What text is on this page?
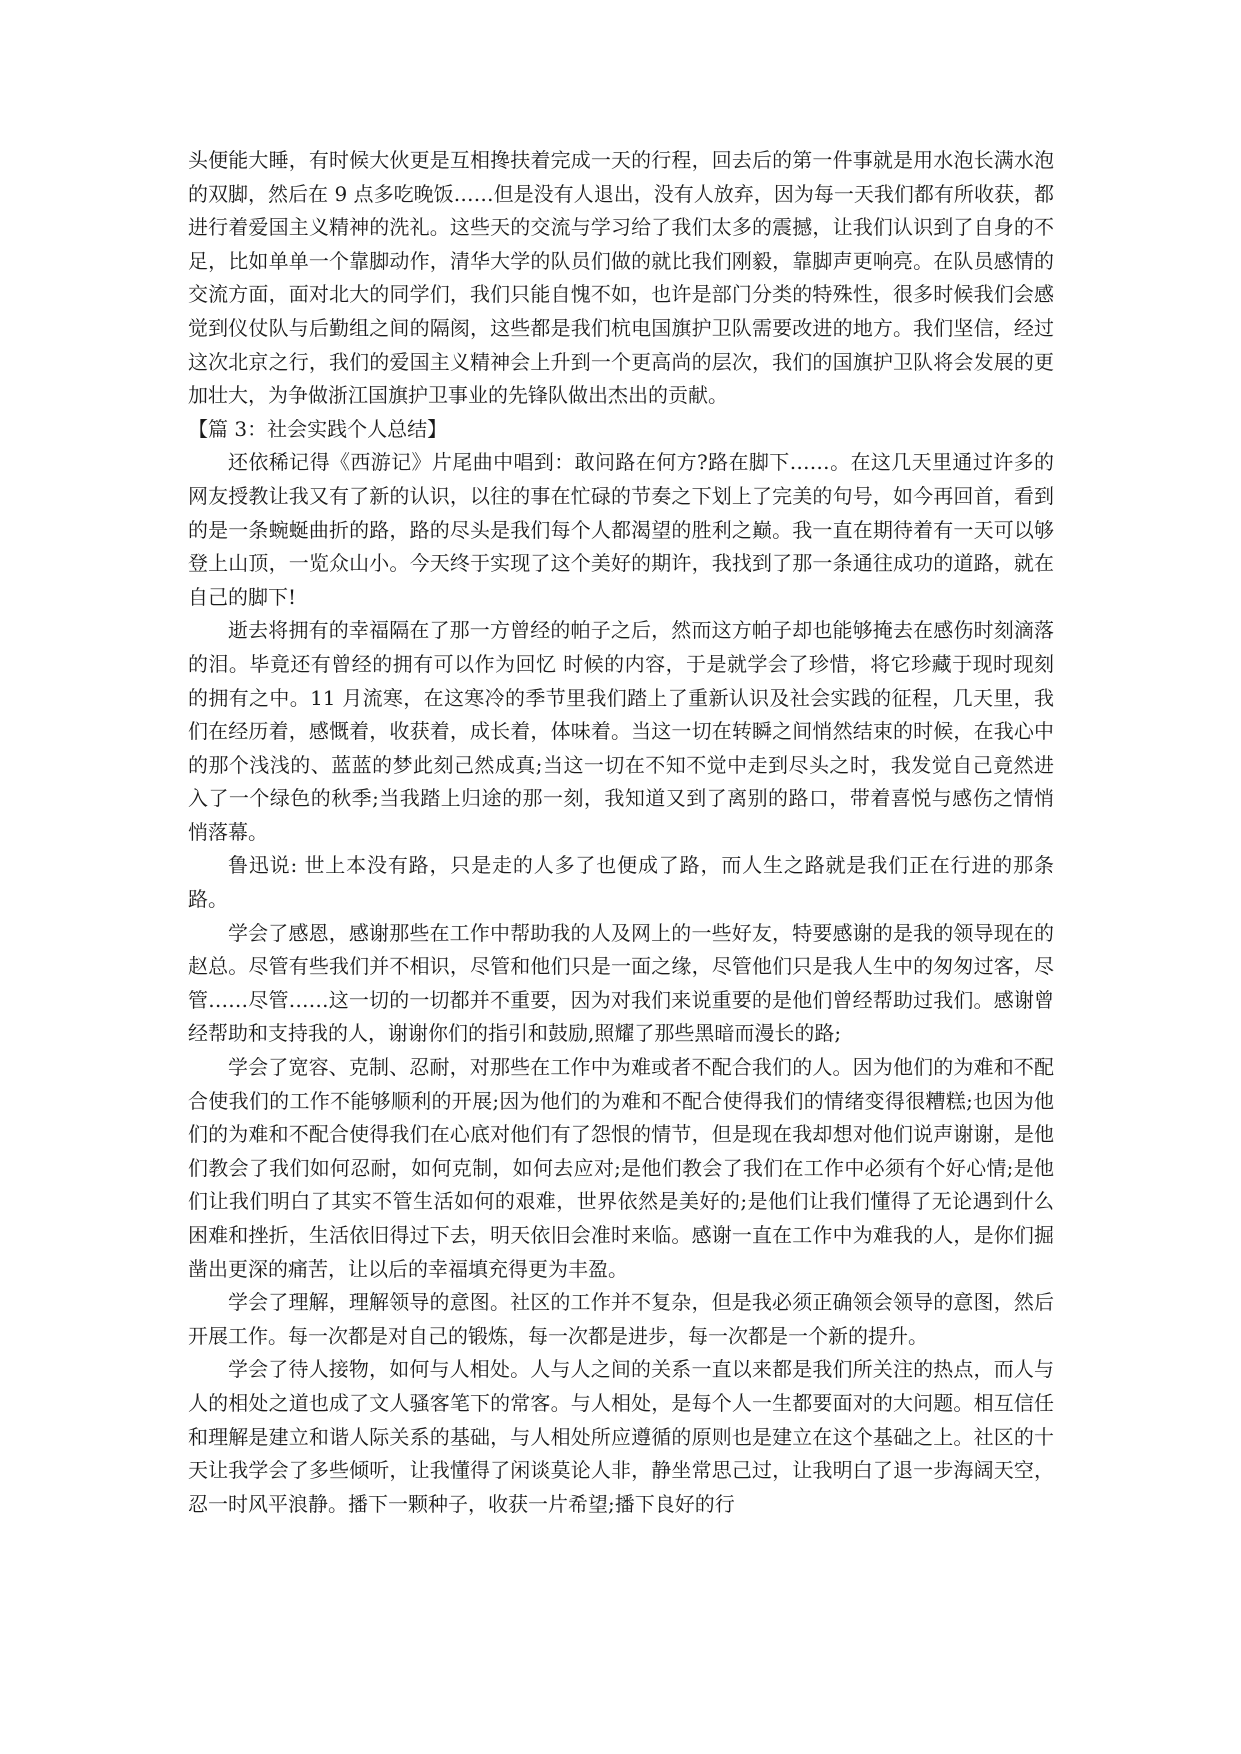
头便能大睡，有时候大伙更是互相搀扶着完成一天的行程，回去后的第一件事就是用水泡长满水泡的双脚，然后在 9 点多吃晚饭……但是没有人退出，没有人放弃，因为每一天我们都有所收获，都进行着爱国主义精神的洗礼。这些天的交流与学习给了我们太多的震撼，让我们认识到了自身的不足，比如单单一个靠脚动作，清华大学的队员们做的就比我们刚毅，靠脚声更响亮。在队员感情的交流方面，面对北大的同学们，我们只能自愧不如，也许是部门分类的特殊性，很多时候我们会感觉到仪仗队与后勤组之间的隔阂，这些都是我们杭电国旗护卫队需要改进的地方。我们坚信，经过这次北京之行，我们的爱国主义精神会上升到一个更高尚的层次，我们的国旗护卫队将会发展的更加壮大，为争做浙江国旗护卫事业的先锋队做出杰出的贡献。

【篇 3：社会实践个人总结】

还依稀记得《西游记》片尾曲中唱到：敢问路在何方?路在脚下……。在这几天里通过许多的网友授教让我又有了新的认识，以往的事在忙碌的节奏之下划上了完美的句号，如今再回首，看到的是一条蜿蜒曲折的路，路的尽头是我们每个人都渴望的胜利之巅。我一直在期待着有一天可以够登上山顶，一览众山小。今天终于实现了这个美好的期许，我找到了那一条通往成功的道路，就在自己的脚下!

逝去将拥有的幸福隔在了那一方曾经的帕子之后，然而这方帕子却也能够掩去在感伤时刻滴落的泪。毕竟还有曾经的拥有可以作为回忆 时候的内容，于是就学会了珍惜，将它珍藏于现时现刻的拥有之中。11 月流寒，在这寒冷的季节里我们踏上了重新认识及社会实践的征程，几天里，我们在经历着，感慨着，收获着，成长着，体味着。当这一切在转瞬之间悄然结束的时候，在我心中的那个浅浅的、蓝蓝的梦此刻己然成真;当这一切在不知不觉中走到尽头之时，我发觉自己竟然进入了一个绿色的秋季;当我踏上归途的那一刻，我知道又到了离别的路口，带着喜悦与感伤之情悄悄落幕。

鲁迅说: 世上本没有路，只是走的人多了也便成了路，而人生之路就是我们正在行进的那条路。

学会了感恩，感谢那些在工作中帮助我的人及网上的一些好友，特要感谢的是我的领导现在的赵总。尽管有些我们并不相识，尽管和他们只是一面之缘，尽管他们只是我人生中的匆匆过客，尽管……尽管……这一切的一切都并不重要，因为对我们来说重要的是他们曾经帮助过我们。感谢曾经帮助和支持我的人，谢谢你们的指引和鼓励,照耀了那些黑暗而漫长的路;

学会了宽容、克制、忍耐，对那些在工作中为难或者不配合我们的人。因为他们的为难和不配合使我们的工作不能够顺利的开展;因为他们的为难和不配合使得我们的情绪变得很糟糕;也因为他们的为难和不配合使得我们在心底对他们有了怨恨的情节，但是现在我却想对他们说声谢谢，是他们教会了我们如何忍耐，如何克制，如何去应对;是他们教会了我们在工作中必须有个好心情;是他们让我们明白了其实不管生活如何的艰难，世界依然是美好的;是他们让我们懂得了无论遇到什么困难和挫折，生活依旧得过下去，明天依旧会准时来临。感谢一直在工作中为难我的人，是你们掘凿出更深的痛苦，让以后的幸福填充得更为丰盈。

学会了理解，理解领导的意图。社区的工作并不复杂，但是我必须正确领会领导的意图，然后开展工作。每一次都是对自己的锻炼，每一次都是进步，每一次都是一个新的提升。

学会了待人接物，如何与人相处。人与人之间的关系一直以来都是我们所关注的热点，而人与人的相处之道也成了文人骚客笔下的常客。与人相处，是每个人一生都要面对的大问题。相互信任和理解是建立和谐人际关系的基础，与人相处所应遵循的原则也是建立在这个基础之上。社区的十天让我学会了多些倾听，让我懂得了闲谈莫论人非，静坐常思己过，让我明白了退一步海阔天空，忍一时风平浪静。播下一颗种子，收获一片希望;播下良好的行
